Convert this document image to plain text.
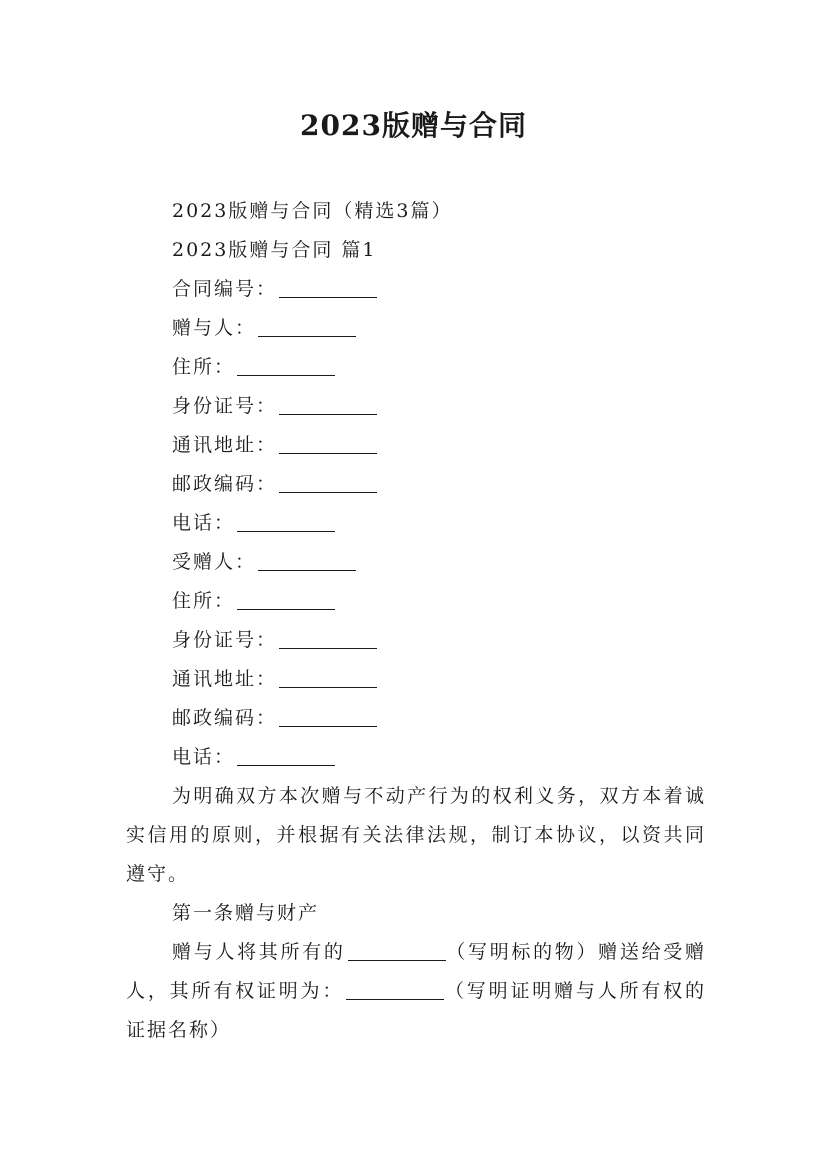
2023版赠与合同
2023版赠与合同（精选3篇）
2023版赠与合同 篇1
合同编号：
赠与人：
住所：
身份证号：
通讯地址：
邮政编码：
电话：
受赠人：
住所：
身份证号：
通讯地址：
邮政编码：
电话：
为明确双方本次赠与不动产行为的权利义务，双方本着诚实信用的原则，并根据有关法律法规，制订本协议，以资共同遵守。
第一条赠与财产
赠与人将其所有的	（写明标的物）赠送给受赠人，其所有权证明为：	（写明证明赠与人所有权的证据名称）
